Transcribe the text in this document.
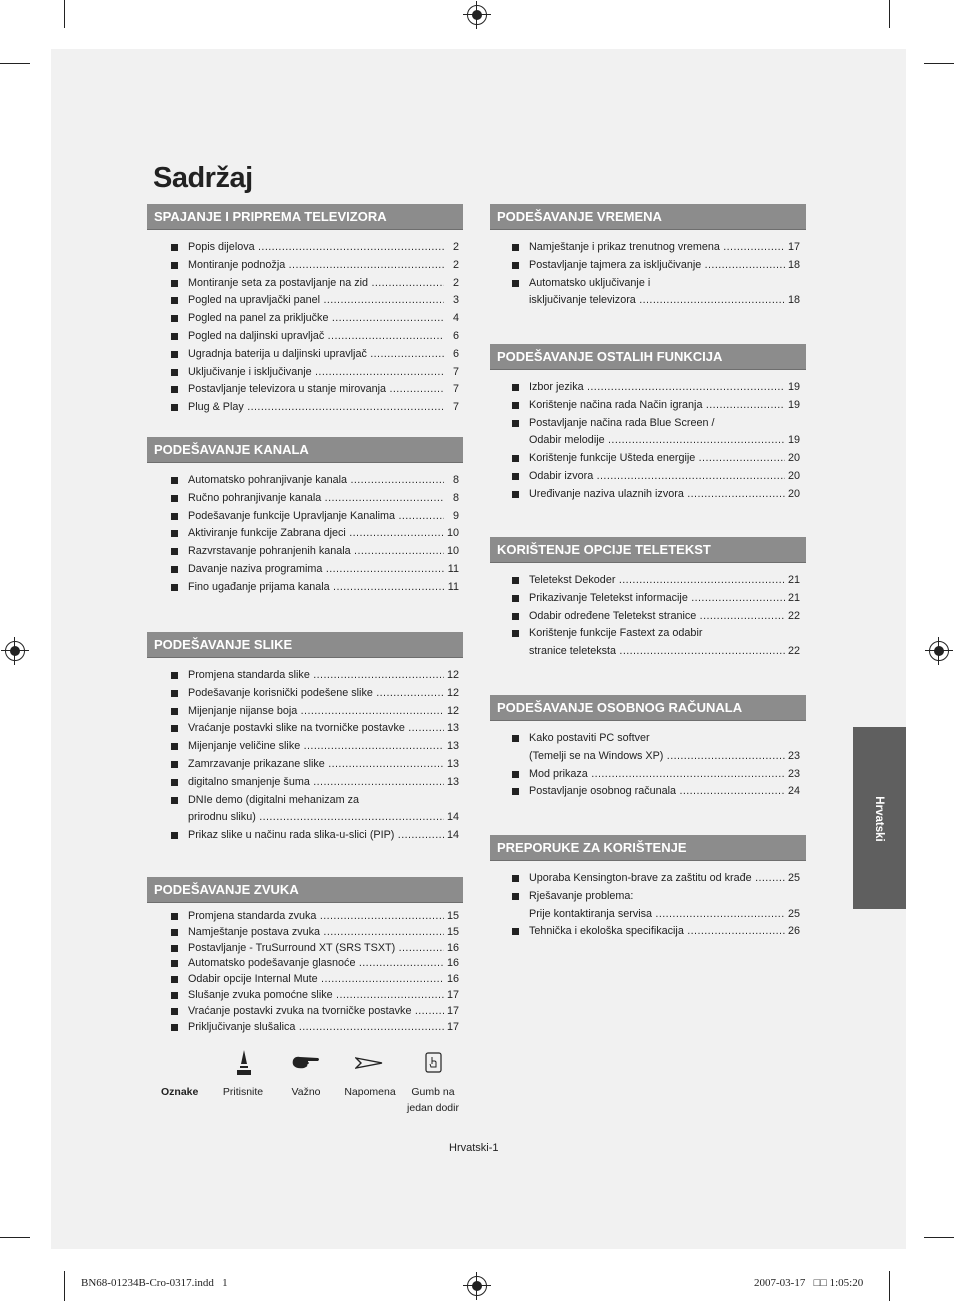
Sadržaj
SPAJANJE I PRIPREMA TELEVIZORA
Popis dijelova .....	2
Montiranje podnožja .....	2
Montiranje seta za postavljanje na zid .....	2
Pogled na upravljački panel .....	3
Pogled na panel za priključke .....	4
Pogled na daljinski upravljač .....	6
Ugradnja baterija u daljinski upravljač .....	6
Uključivanje i isključivanje .....	7
Postavljanje televizora u stanje mirovanja .....	7
Plug & Play .....	7
PODEŠAVANJE KANALA
Automatsko pohranjivanje kanala .....	8
Ručno pohranjivanje kanala .....	8
Podešavanje funkcije Upravljanje Kanalima .....	9
Aktiviranje funkcije Zabrana djeci .....	10
Razvrstavanje pohranjenih kanala .....	10
Davanje naziva programima .....	11
Fino ugađanje prijama kanala .....	11
PODEŠAVANJE SLIKE
Promjena standarda slike .....	12
Podešavanje korisnički podešene slike .....	12
Mijenjanje nijanse boja .....	12
Vraćanje postavki slike na tvorničke postavke .....	13
Mijenjanje veličine slike .....	13
Zamrzavanje prikazane slike .....	13
digitalno smanjenje šuma .....	13
DNIe demo (digitalni mehanizam za
prirodnu sliku) .....	14
Prikaz slike u načinu rada slika-u-slici (PIP) .....	14
PODEŠAVANJE ZVUKA
Promjena standarda zvuka .....	15
Namještanje postava zvuka .....	15
Postavljanje - TruSurround XT (SRS TSXT) .....	16
Automatsko podešavanje glasnoće .....	16
Odabir opcije Internal Mute .....	16
Slušanje zvuka pomoćne slike .....	17
Vraćanje postavki zvuka na tvorničke postavke .....	17
Priključivanje slušalica .....	17
PODEŠAVANJE VREMENA
Namještanje i prikaz trenutnog vremena .....	17
Postavljanje tajmera za isključivanje .....	18
Automatsko uključivanje i
isključivanje televizora .....	18
PODEŠAVANJE OSTALIH FUNKCIJA
Izbor jezika .....	19
Korištenje načina rada Način igranja .....	19
Postavljanje načina rada Blue Screen /
Odabir melodije .....	19
Korištenje funkcije Ušteda energije .....	20
Odabir izvora .....	20
Uređivanje naziva ulaznih izvora .....	20
KORIŠTENJE OPCIJE TELETEKST
Teletekst Dekoder .....	21
Prikazivanje Teletekst informacije .....	21
Odabir određene Teletekst stranice .....	22
Korištenje funkcije Fastext za odabir
stranice teleteksta .....	22
PODEŠAVANJE OSOBNOG RAČUNALA
Kako postaviti PC softver
(Temelji se na Windows XP) .....	23
Mod prikaza .....	23
Postavljanje osobnog računala .....	24
PREPORUKE ZA KORIŠTENJE
Uporaba Kensington-brave za zaštitu od krađe .....	25
Rješavanje problema:
Prije kontaktiranja servisa .....	25
Tehnička i ekološka specifikacija .....	26
Oznake	Pritisnite	Važno	Napomena	Gumb na
jedan dodir
Hrvatski
Hrvatski-1
BN68-01234B-Cro-0317.indd   1	2007-03-17   □□ 1:05:20
